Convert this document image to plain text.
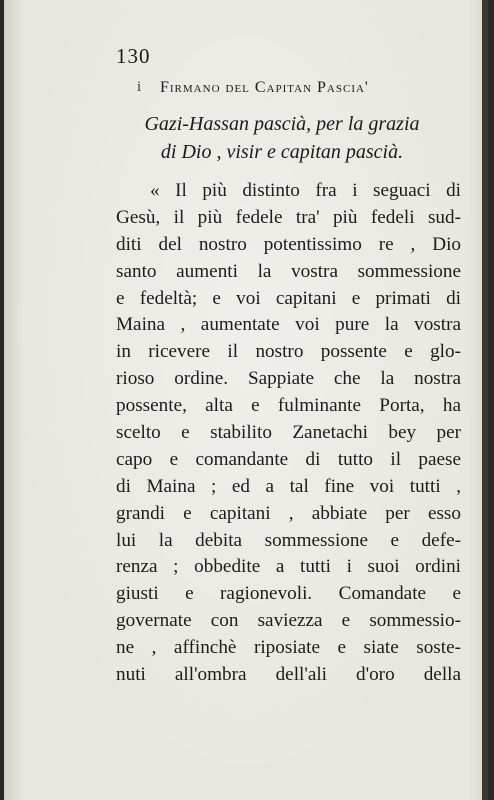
130
i Firmano del Capitan Pascia'
Gazi-Hassan pascià, per la grazia
di Dio , visir e capitan pascià.
« Il più distinto fra i seguaci di
Gesù, il più fedele tra' più fedeli sud-
diti del nostro potentissimo re , Dio
santo aumenti la vostra sommessione
e fedeltà; e voi capitani e primati di
Maina , aumentate voi pure la vostra
in ricevere il nostro possente e glo-
rioso ordine. Sappiate che la nostra
possente, alta e fulminante Porta, ha
scelto e stabilito Zanetachi bey per
capo e comandante di tutto il paese
di Maina ; ed a tal fine voi tutti ,
grandi e capitani , abbiate per esso
lui la debita sommessione e defe-
renza ; obbedite a tutti i suoi ordini
giusti e ragionevoli. Comandate e
governate con saviezza e sommessio-
ne , affinchè riposiate e siate soste-
nuti all'ombra dell'ali d'oro della
